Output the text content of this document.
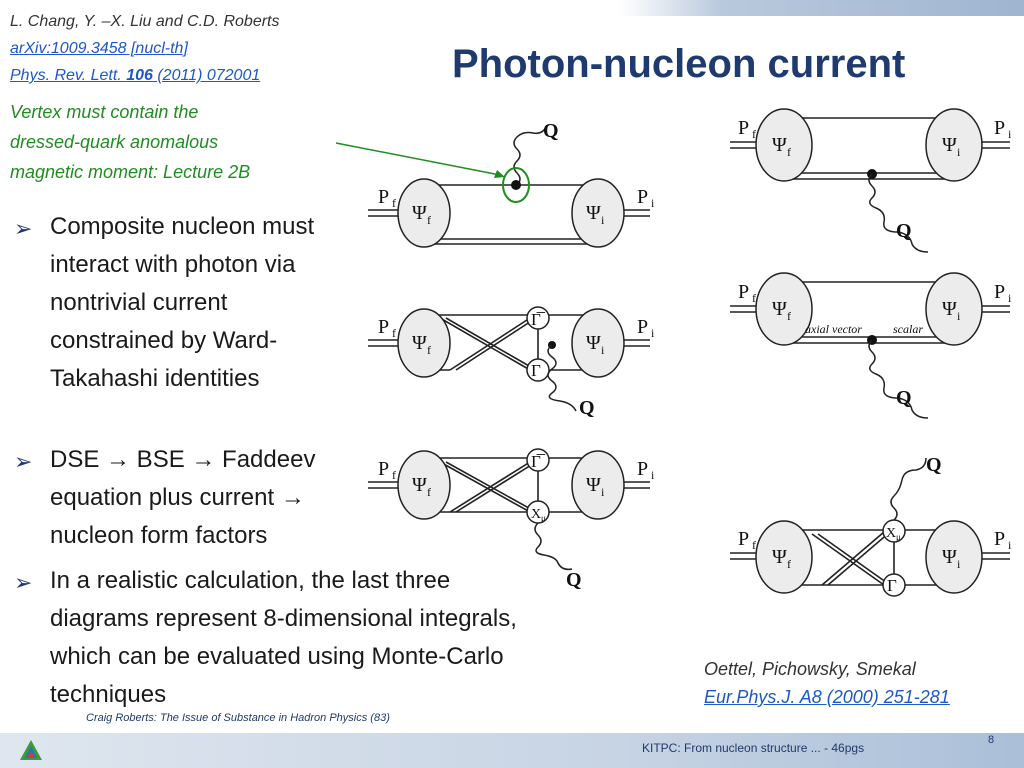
L. Chang, Y. –X. Liu and C.D. Roberts
arXiv:1009.3458 [nucl-th]
Phys. Rev. Lett. 106 (2011) 072001	Photon-nucleon current
Vertex must contain the
dressed-quark anomalous
magnetic moment: Lecture 2B
➢ Composite nucleon must interact with photon via nontrivial current constrained by Ward-Takahashi identities
➢ DSE → BSE → Faddeev equation plus current → nucleon form factors
➢ In a realistic calculation, the last three diagrams represent 8-dimensional integrals, which can be evaluated using Monte-Carlo techniques
Oettel, Pichowsky, Smekal
Eur.Phys.J. A8 (2000) 251-281
Q
Ψ f	Ψ i
P f	P i
Γ̅
Γ
Q
Ψ f	Ψ i
P f	P i
Γ̅
X μ
Q
Ψ f	Ψ i
P f	P i
Q
Ψ f	Ψ i
P f	P i
axial vector	scalar
Q
Ψ f	Ψ i
P f	P i
Q
X μ
Γ
Ψ f	Ψ i
P f	P i
Craig Roberts: The Issue of Substance in Hadron Physics (83)
KITPC: From nucleon structure ... - 46pgs
8
